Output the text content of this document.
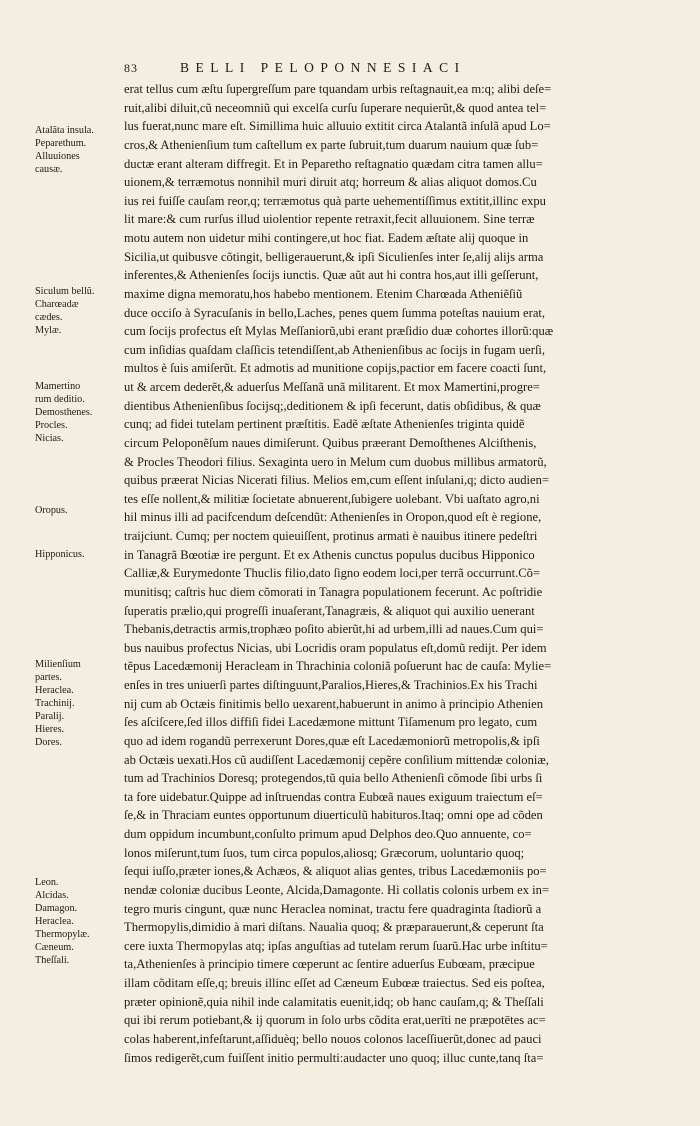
83	BELLI PELOPONNESIACI
Atalãta insula.
Peparethum.
Alluuiones
causæ.
Siculum bellũ.
Charœadæ
cædes.
Mylæ.
Mamertino
rum deditio.
Demosthenes.
Procles.
Nicias.
Oropus.
Hipponicus.
Milienſium
partes.
Heraclea.
Trachinij.
Paralij.
Hieres.
Dores.
Leon.
Alcidas.
Damagon.
Heraclea.
Thermopylæ.
Cæneum.
Theſſali.
erat tellus cum æſtu ſupergreſſum pare tquandam urbis reſtagnauit,ea m:q; alibi deſe=
ruit,alibi diluit,cũ neceomniũ qui excelſa curſu ſuperare nequierũt,& quod antea tel=
lus fuerat,nunc mare eſt. Simillima huic alluuio extitit circa Atalantã inſulã apud Lo=
cros,& Athenienſium tum caſtellum ex parte ſubruit,tum duarum nauium quæ ſub=
ductæ erant alteram diffregit. Et in Peparetho reſtagnatio quædam citra tamen allu=
uionem,& terræmotus nonnihil muri diruit atq; horreum & alias aliquot domos.Cu
ius rei fuiſſe cauſam reor,q; terræmotus quà parte uehementiſſimus extitit,illinc expu
lit mare:& cum rurſus illud uiolentior repente retraxit,fecit alluuionem. Sine terræ
motu autem non uidetur mihi contingere,ut hoc fiat. Eadem æſtate alij quoque in
Sicilia,ut quibusve cõtingit, belligerauerunt,& ipſi Siculienſes inter ſe,alij alijs arma
inferentes,& Athenienſes ſocijs iunctis. Quæ aũt aut hi contra hos,aut illi geſſerunt,
maxime digna memoratu,hos habebo mentionem. Etenim Charœada Atheniẽſiũ
duce occiſo à Syracuſanis in bello,Laches, penes quem ſumma poteſtas nauium erat,
cum ſocijs profectus eſt Mylas Meſſaniorũ,ubi erant præſidio duæ cohortes illorũ:quæ
cum inſidias quaſdam claſſicis tetendiſſent,ab Athenienſibus ac ſocijs in fugam uerſi,
multos è ſuis amiſerũt. Et admotis ad munitione copijs,pactior em facere coacti ſunt,
ut & arcem dederẽt,& aduerſus Meſſanã unã militarent. Et mox Mamertini,progre=
dientibus Athenienſibus ſocijsq;,deditionem & ipſi fecerunt, datis obſidibus, & quæ
cunq; ad fidei tutelam pertinent præſtitis. Eadẽ æſtate Athenienſes triginta quidẽ
circum Peloponẽſum naues dimiſerunt. Quibus præerant Demoſthenes Alciſthenis,
& Procles Theodori filius. Sexaginta uero in Melum cum duobus millibus armatorũ,
quibus præerat Nicias Nicerati filius. Melios em,cum eſſent inſulani,q; dicto audien=
tes eſſe nollent,& militiæ ſocietate abnuerent,ſubigere uolebant. Vbi uaſtato agro,ni
hil minus illi ad pacifcendum deſcendũt: Athenienſes in Oropon,quod eſt è regione,
traijciunt. Cumq; per noctem quieuiſſent, protinus armati è nauibus itinere pedeſtri
in Tanagrã Bœotiæ ire pergunt. Et ex Athenis cunctus populus ducibus Hipponico
Calliæ,& Eurymedonte Thuclis filio,dato ſigno eodem loci,per terrã occurrunt.Cõ=
munitisq; caſtris huc diem cõmorati in Tanagra populationem fecerunt. Ac poſtridie
ſuperatis prælio,qui progreſſi inuaſerant,Tanagræis, & aliquot qui auxilio uenerant
Thebanis,detractis armis,trophæo poſito abierũt,hi ad urbem,illi ad naues.Cum qui=
bus nauibus profectus Nicias, ubi Locridis oram populatus eſt,domũ redijt. Per idem
tẽpus Lacedæmonij Heracleam in Thrachinia coloniã poſuerunt hac de cauſa: Mylie=
enſes in tres uniuerſi partes diſtinguunt,Paralios,Hieres,& Trachinios.Ex his Trachi
nij cum ab Octæis finitimis bello uexarent,habuerunt in animo à principio Athenien
ſes aſciſcere,ſed illos diffiſi fidei Lacedæmone mittunt Tiſamenum pro legato, cum
quo ad idem rogandũ perrexerunt Dores,quæ eſt Lacedæmoniorũ metropolis,& ipſi
ab Octæis uexati.Hos cũ audiſſent Lacedæmonij cepẽre conſilium mittendæ coloniæ,
tum ad Trachinios Doresq; protegendos,tũ quia bello Athenienſi cõmode ſibi urbs ſi
ta fore uidebatur.Quippe ad inſtruendas contra Eubœã naues exiguum traiectum eſ=
ſe,& in Thraciam euntes opportunum diuerticulũ habituros.Itaq; omni ope ad cõden
dum oppidum incumbunt,conſulto primum apud Delphos deo.Quo annuente, co=
lonos miſerunt,tum ſuos, tum circa populos,aliosq; Græcorum, uoluntario quoq;
ſequi iuſſo,præter iones,& Achæos, & aliquot alias gentes, tribus Lacedæmoniis po=
nendæ coloniæ ducibus Leonte, Alcida,Damagonte. Hi collatis colonis urbem ex in=
tegro muris cingunt, quæ nunc Heraclea nominat, tractu fere quadraginta ſtadiorũ a
Thermopylis,dimidio à mari diſtans. Naualia quoq; & præparauerunt,& ceperunt ſta
cere iuxta Thermopylas atq; ipſas anguſtias ad tutelam rerum ſuarũ.Hac urbe inſtitu=
ta,Athenienſes à principio timere cœperunt ac ſentire aduerſus Eubœam, præcipue
illam cõditam eſſe,q; breuis illinc eſſet ad Cæneum Eubœæ traiectus. Sed eis poſtea,
præter opinionẽ,quia nihil inde calamitatis euenit,idq; ob hanc cauſam,q; & Theſſali
qui ibi rerum potiebant,& ij quorum in ſolo urbs cõdita erat,uerīti ne præpotētes ac=
colas haberent,infeſtarunt,aſſiduèq; bello nouos colonos laceſſiuerũt,donec ad pauci
ſimos redigerẽt,cum fuiſſent initio permulti:audacter uno quoq; illuc cunte,tanq ſta=
